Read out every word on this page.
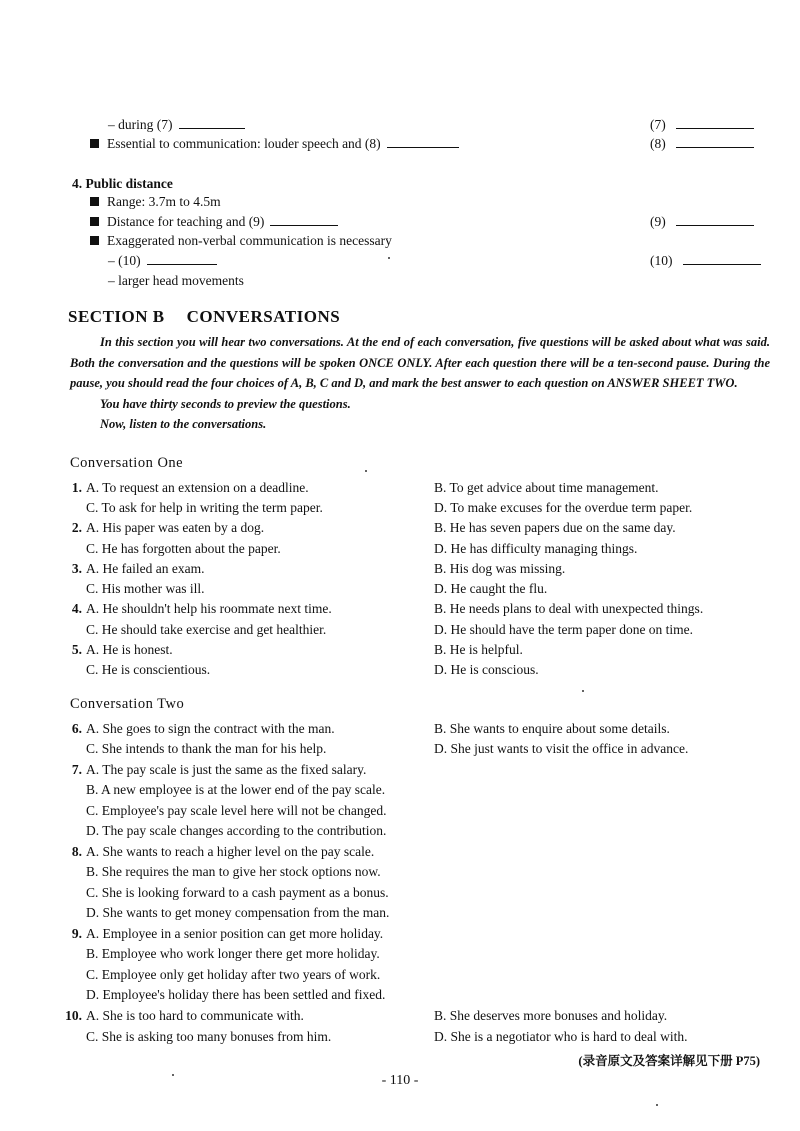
– during (7)	(7)
Essential to communication: louder speech and (8)	(8)
4. Public distance
Range: 3.7m to 4.5m
Distance for teaching and (9)	(9)
Exaggerated non-verbal communication is necessary
– (10)	(10)
– larger head movements
SECTION B CONVERSATIONS

In this section you will hear two conversations. At the end of each conversation, five questions will be asked about what was said. Both the conversation and the questions will be spoken ONCE ONLY. After each question there will be a ten-second pause. During the pause, you should read the four choices of A, B, C and D, and mark the best answer to each question on ANSWER SHEET TWO.

You have thirty seconds to preview the questions.

Now, listen to the conversations.

Conversation One
1. A. To request an extension on a deadline.	B. To get advice about time management.
C. To ask for help in writing the term paper.	D. To make excuses for the overdue term paper.
2. A. His paper was eaten by a dog.	B. He has seven papers due on the same day.
C. He has forgotten about the paper.	D. He has difficulty managing things.
3. A. He failed an exam.	B. His dog was missing.
C. His mother was ill.	D. He caught the flu.
4. A. He shouldn't help his roommate next time.	B. He needs plans to deal with unexpected things.
C. He should take exercise and get healthier.	D. He should have the term paper done on time.
5. A. He is honest.	B. He is helpful.
C. He is conscientious.	D. He is conscious.
Conversation Two
6. A. She goes to sign the contract with the man.	B. She wants to enquire about some details.
C. She intends to thank the man for his help.	D. She just wants to visit the office in advance.
7. A. The pay scale is just the same as the fixed salary.
B. A new employee is at the lower end of the pay scale.
C. Employee's pay scale level here will not be changed.
D. The pay scale changes according to the contribution.
8. A. She wants to reach a higher level on the pay scale.
B. She requires the man to give her stock options now.
C. She is looking forward to a cash payment as a bonus.
D. She wants to get money compensation from the man.
9. A. Employee in a senior position can get more holiday.
B. Employee who work longer there get more holiday.
C. Employee only get holiday after two years of work.
D. Employee's holiday there has been settled and fixed.
10. A. She is too hard to communicate with.	B. She deserves more bonuses and holiday.
C. She is asking too many bonuses from him.	D. She is a negotiator who is hard to deal with.
(录音原文及答案详解见下册 P75)
- 110 -
